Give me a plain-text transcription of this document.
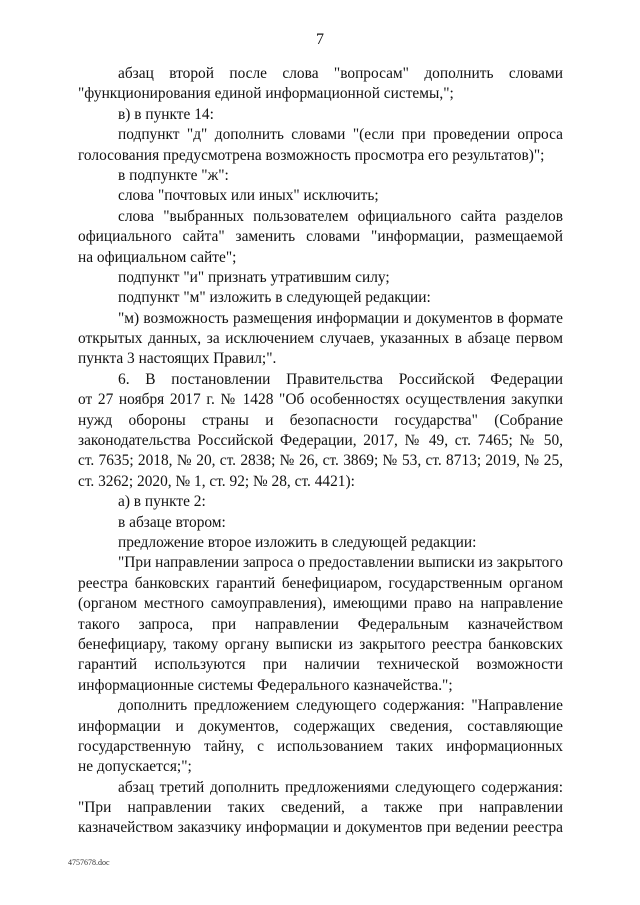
7
абзац второй после слова "вопросам" дополнить словами
"функционирования единой информационной системы,";
в) в пункте 14:
подпункт "д" дополнить словами "(если при проведении опроса
голосования предусмотрена возможность просмотра его результатов)";
в подпункте "ж":
слова "почтовых или иных" исключить;
слова "выбранных пользователем официального сайта разделов
официального сайта" заменить словами "информации, размещаемой
на официальном сайте";
подпункт "и" признать утратившим силу;
подпункт "м" изложить в следующей редакции:
"м) возможность размещения информации и документов в формате
открытых данных, за исключением случаев, указанных в абзаце первом
пункта 3 настоящих Правил;".
6. В постановлении Правительства Российской Федерации
от 27 ноября 2017 г. № 1428 "Об особенностях осуществления закупки
нужд обороны страны и безопасности государства" (Собрание
законодательства Российской Федерации, 2017, № 49, ст. 7465; № 50,
ст. 7635; 2018, № 20, ст. 2838; № 26, ст. 3869; № 53, ст. 8713; 2019, № 25,
ст. 3262; 2020, № 1, ст. 92; № 28, ст. 4421):
а) в пункте 2:
в абзаце втором:
предложение второе изложить в следующей редакции:
"При направлении запроса о предоставлении выписки из закрытого
реестра банковских гарантий бенефициаром, государственным органом
(органом местного самоуправления), имеющими право на направление
такого запроса, при направлении Федеральным казначейством
бенефициару, такому органу выписки из закрытого реестра банковских
гарантий используются при наличии технической возможности
информационные системы Федерального казначейства.";
дополнить предложением следующего содержания: "Направление
информации и документов, содержащих сведения, составляющие
государственную тайну, с использованием таких информационных
не допускается;";
абзац третий дополнить предложениями следующего содержания:
"При направлении таких сведений, а также при направлении
казначейством заказчику информации и документов при ведении реестра
4757678.doc
